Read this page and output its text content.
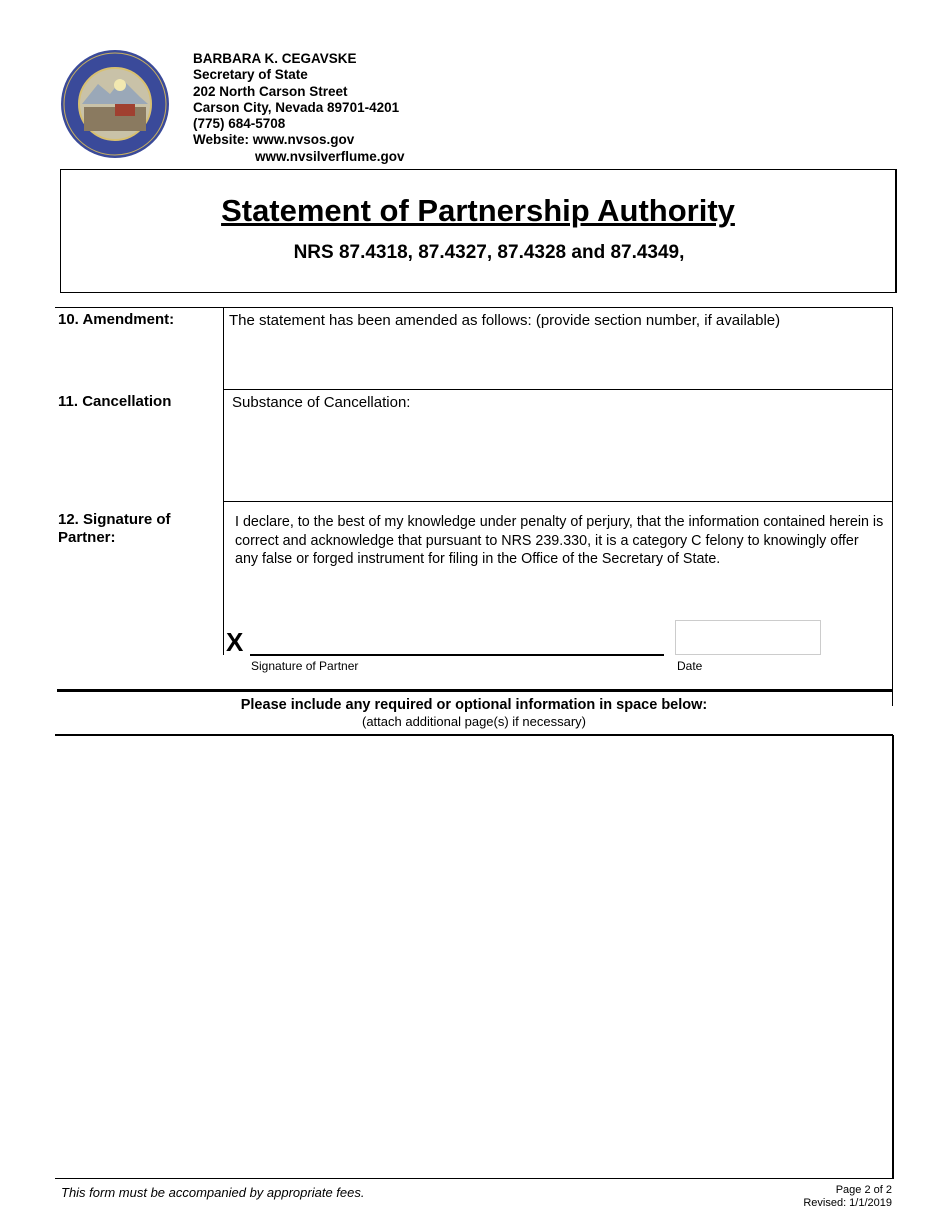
BARBARA K. CEGAVSKE
Secretary of State
202 North Carson Street
Carson City, Nevada 89701-4201
(775) 684-5708
Website: www.nvsos.gov
www.nvsilverflume.gov
Statement of Partnership Authority
NRS 87.4318, 87.4327, 87.4328 and 87.4349,
10. Amendment:	The statement has been amended as follows: (provide section number, if available)
11. Cancellation	Substance of Cancellation:
12. Signature of Partner:
I declare, to the best of my knowledge under penalty of perjury, that the information contained herein is correct and acknowledge that pursuant to NRS 239.330, it is a category C felony to knowingly offer any false or forged instrument for filing in the Office of the Secretary of State.
X
Signature of Partner	Date
Please include any required or optional information in space below:
(attach additional page(s) if necessary)
This form must be accompanied by appropriate fees.	Page 2 of 2
Revised: 1/1/2019
